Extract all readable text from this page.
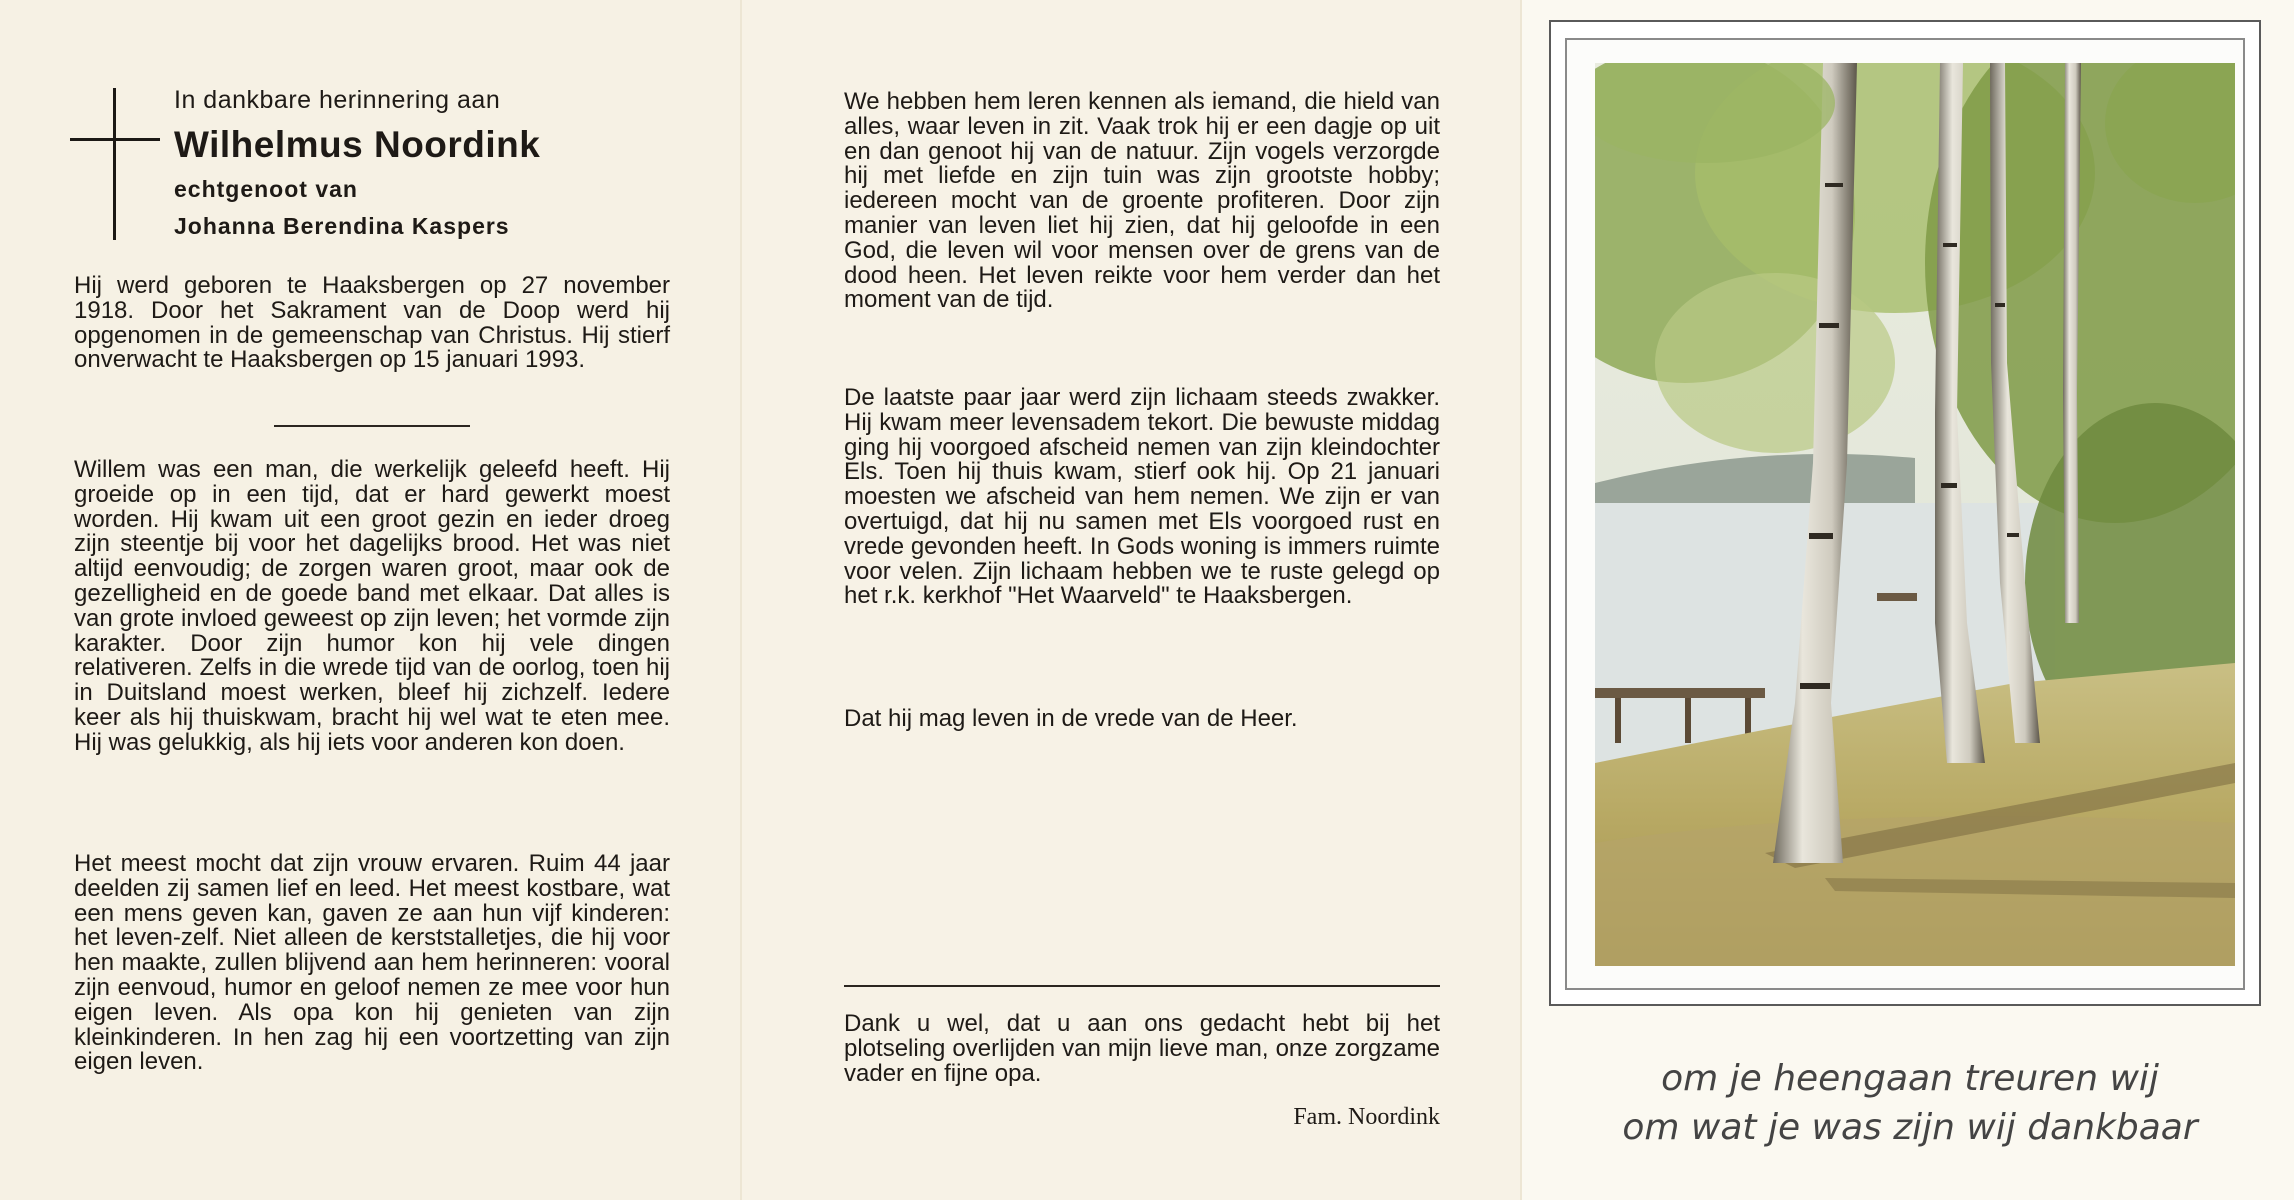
In dankbare herinnering aan
Wilhelmus Noordink
echtgenoot van
Johanna Berendina Kaspers

Hij werd geboren te Haaksbergen op 27 november 1918. Door het Sakrament van de Doop werd hij opgenomen in de gemeenschap van Christus. Hij stierf onverwacht te Haaksbergen op 15 januari 1993.

Willem was een man, die werkelijk geleefd heeft. Hij groeide op in een tijd, dat er hard gewerkt moest worden. Hij kwam uit een groot gezin en ieder droeg zijn steentje bij voor het dagelijks brood. Het was niet altijd eenvoudig; de zorgen waren groot, maar ook de gezelligheid en de goede band met elkaar. Dat alles is van grote invloed geweest op zijn leven; het vormde zijn karakter. Door zijn humor kon hij vele dingen relativeren. Zelfs in die wrede tijd van de oorlog, toen hij in Duitsland moest werken, bleef hij zichzelf. Iedere keer als hij thuiskwam, bracht hij wel wat te eten mee. Hij was gelukkig, als hij iets voor anderen kon doen.

Het meest mocht dat zijn vrouw ervaren. Ruim 44 jaar deelden zij samen lief en leed. Het meest kostbare, wat een mens geven kan, gaven ze aan hun vijf kinderen: het leven-zelf. Niet alleen de kerststalletjes, die hij voor hen maakte, zullen blijvend aan hem herinneren: vooral zijn eenvoud, humor en geloof nemen ze mee voor hun eigen leven. Als opa kon hij genieten van zijn kleinkinderen. In hen zag hij een voortzetting van zijn eigen leven.

We hebben hem leren kennen als iemand, die hield van alles, waar leven in zit. Vaak trok hij er een dagje op uit en dan genoot hij van de natuur. Zijn vogels verzorgde hij met liefde en zijn tuin was zijn grootste hobby; iedereen mocht van de groente profiteren. Door zijn manier van leven liet hij zien, dat hij geloofde in een God, die leven wil voor mensen over de grens van de dood heen. Het leven reikte voor hem verder dan het moment van de tijd.

De laatste paar jaar werd zijn lichaam steeds zwakker. Hij kwam meer levensadem tekort. Die bewuste middag ging hij voorgoed afscheid nemen van zijn kleindochter Els. Toen hij thuis kwam, stierf ook hij. Op 21 januari moesten we afscheid van hem nemen. We zijn er van overtuigd, dat hij nu samen met Els voorgoed rust en vrede gevonden heeft. In Gods woning is immers ruimte voor velen. Zijn lichaam hebben we te ruste gelegd op het r.k. kerkhof "Het Waarveld" te Haaksbergen.

Dat hij mag leven in de vrede van de Heer.

Dank u wel, dat u aan ons gedacht hebt bij het plotseling overlijden van mijn lieve man, onze zorgzame vader en fijne opa.

Fam. Noordink
om je heengaan treuren wij
om wat je was zijn wij dankbaar
